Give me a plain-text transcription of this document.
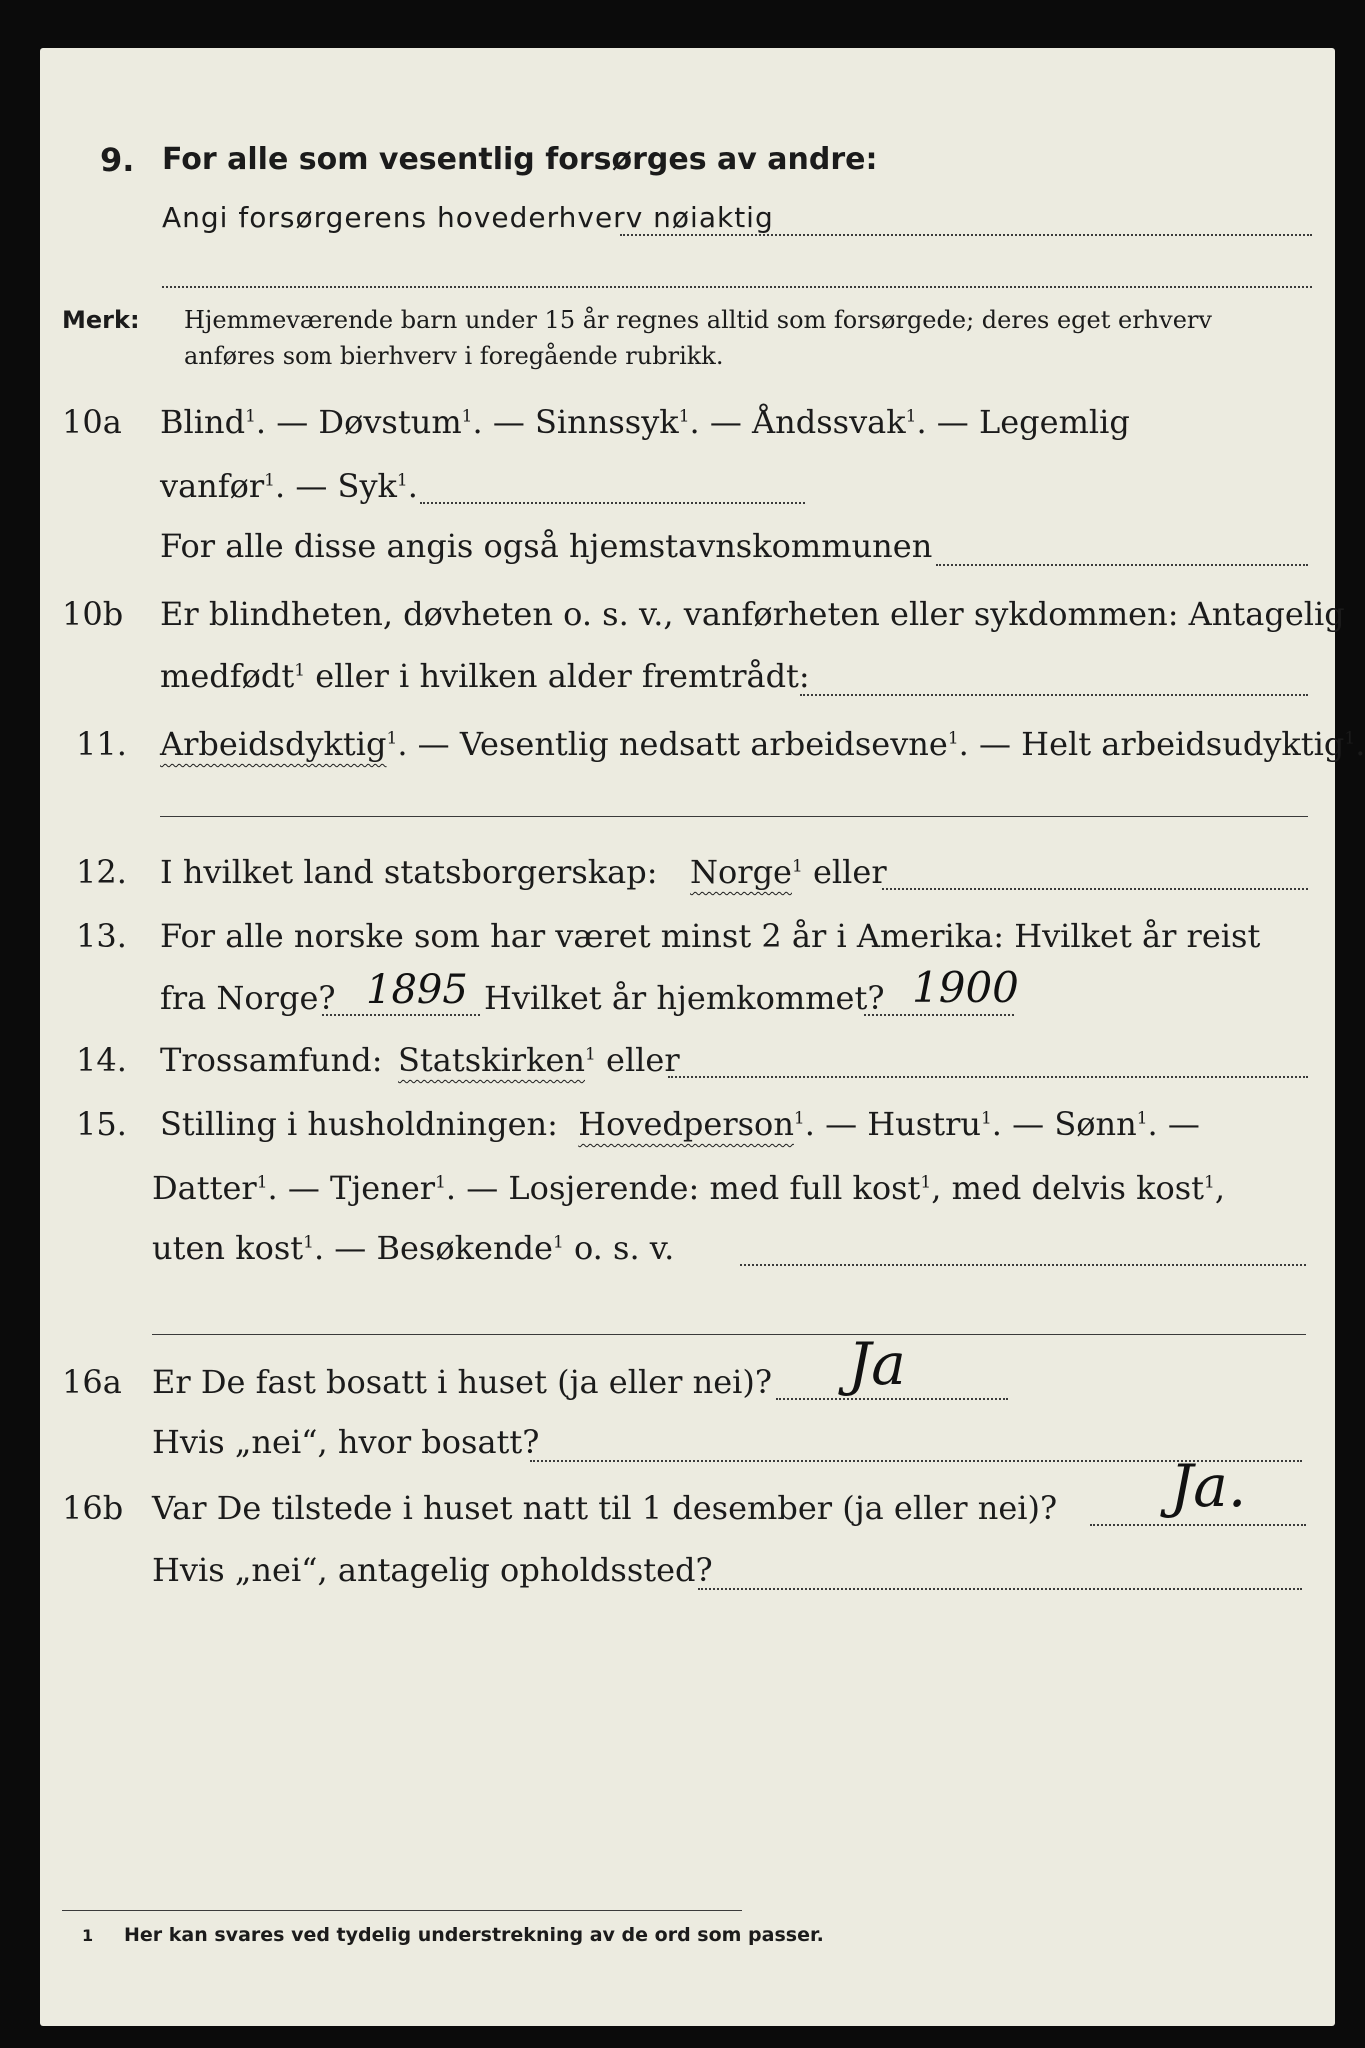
9. For alle som vesentlig forsørges av andre:
Angi forsørgerens hovederhverv nøiaktig
Merk: Hjemmeværende barn under 15 år regnes alltid som forsørgede; deres eget erhverv
anføres som bierhverv i foregående rubrikk.
10a Blind$^1$. — Døvstum$^1$. — Sinnssyk$^1$. — Åndssvak$^1$. — Legemlig
vanfør$^1$. — Syk$^1$.
For alle disse angis også hjemstavnskommunen
10b Er blindheten, døvheten o. s. v., vanførheten eller sykdommen: Antagelig
medfødt$^1$ eller i hvilken alder fremtrådt:
11. Arbeidsdyktig$^1$. — Vesentlig nedsatt arbeidsevne$^1$. — Helt arbeidsudyktig$^1$.
12. I hvilket land statsborgerskap: Norge$^1$ eller
13. For alle norske som har været minst 2 år i Amerika: Hvilket år reist
fra Norge? 1895 Hvilket år hjemkommet? 1900
14. Trossamfund: Statskirken$^1$ eller
15. Stilling i husholdningen: Hovedperson$^1$. — Hustru$^1$. — Sønn$^1$. —
Datter$^1$. — Tjener$^1$. — Losjerende: med full kost$^1$, med delvis kost$^1$,
uten kost$^1$. — Besøkende$^1$ o. s. v.
16a Er De fast bosatt i huset (ja eller nei)? Ja
Hvis „nei“, hvor bosatt?
16b Var De tilstede i huset natt til 1 desember (ja eller nei)? Ja.
Hvis „nei“, antagelig opholdssted?
1 Her kan svares ved tydelig understrekning av de ord som passer.
